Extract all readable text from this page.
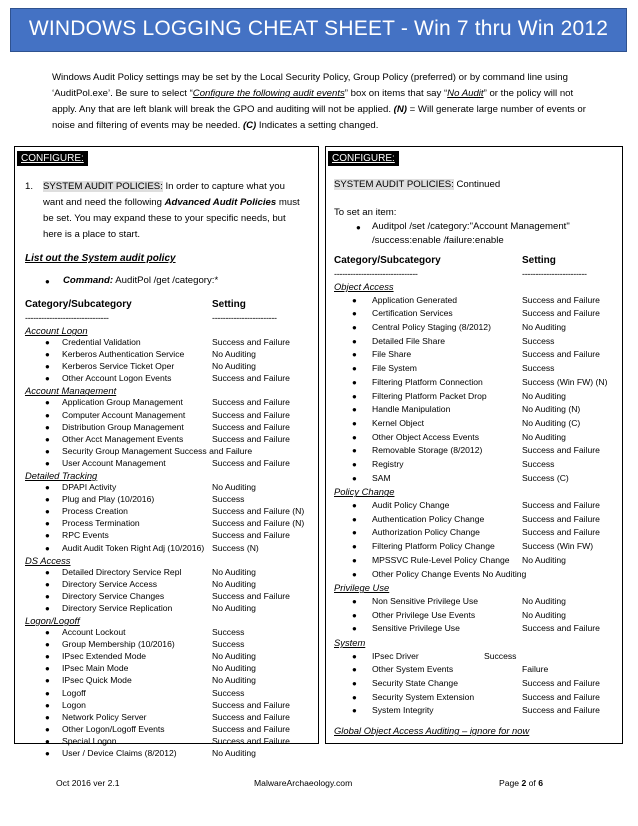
WINDOWS LOGGING CHEAT SHEET - Win 7 thru Win 2012
Windows Audit Policy settings may be set by the Local Security Policy, Group Policy (preferred) or by command line using
‘AuditPol.exe’. Be sure to select “Configure the following audit events” box on items that say “No Audit” or the policy will not
apply. Any that are left blank will break the GPO and auditing will not be applied. (N) = Will generate large number of events or
noise and filtering of events may be needed. (C) Indicates a setting changed.
CONFIGURE:
1. SYSTEM AUDIT POLICIES: In order to capture what you
want and need the following Advanced Audit Policies must
be set. You may expand these to your specific needs, but
here is a place to start.
List out the System audit policy
● Command: AuditPol /get /category:*
Category/Subcategory	Setting
-------------------------------	------------------------
Account Logon
● Credential Validation	Success and Failure
● Kerberos Authentication Service	No Auditing
● Kerberos Service Ticket Oper	No Auditing
● Other Account Logon Events	Success and Failure
Account Management
● Application Group Management	Success and Failure
● Computer Account Management	Success and Failure
● Distribution Group Management	Success and Failure
● Other Acct Management Events	Success and Failure
● Security Group Management Success and Failure
● User Account Management	Success and Failure
Detailed Tracking
● DPAPI Activity	No Auditing
● Plug and Play (10/2016)	Success
● Process Creation	Success and Failure (N)
● Process Termination	Success and Failure (N)
● RPC Events	Success and Failure
● Audit Audit Token Right Adj (10/2016) Success (N)
DS Access
● Detailed Directory Service Repl	No Auditing
● Directory Service Access	No Auditing
● Directory Service Changes	Success and Failure
● Directory Service Replication	No Auditing
Logon/Logoff
● Account Lockout	Success
● Group Membership (10/2016)	Success
● IPsec Extended Mode	No Auditing
● IPsec Main Mode	No Auditing
● IPsec Quick Mode	No Auditing
● Logoff	Success
● Logon	Success and Failure
● Network Policy Server	Success and Failure
● Other Logon/Logoff Events	Success and Failure
● Special Logon	Success and Failure
● User / Device Claims (8/2012)	No Auditing
CONFIGURE:
SYSTEM AUDIT POLICIES: Continued
To set an item:
● Auditpol /set /category:"Account Management"
/success:enable /failure:enable
Category/Subcategory	Setting
-------------------------------	------------------------
Object Access
● Application Generated	Success and Failure
● Certification Services	Success and Failure
● Central Policy Staging (8/2012)	No Auditing
● Detailed File Share	Success
● File Share	Success and Failure
● File System	Success
● Filtering Platform Connection	Success (Win FW) (N)
● Filtering Platform Packet Drop	No Auditing
● Handle Manipulation	No Auditing (N)
● Kernel Object	No Auditing (C)
● Other Object Access Events	No Auditing
● Removable Storage (8/2012)	Success and Failure
● Registry	Success
● SAM	Success (C)
Policy Change
● Audit Policy Change	Success and Failure
● Authentication Policy Change	Success and Failure
● Authorization Policy Change	Success and Failure
● Filtering Platform Policy Change	Success (Win FW)
● MPSSVC Rule-Level Policy Change No Auditing
● Other Policy Change Events No Auditing
Privilege Use
● Non Sensitive Privilege Use	No Auditing
● Other Privilege Use Events	No Auditing
● Sensitive Privilege Use	Success and Failure
System
● IPsec Driver	Success
● Other System Events	Failure
● Security State Change	Success and Failure
● Security System Extension	Success and Failure
● System Integrity	Success and Failure
Global Object Access Auditing – ignore for now
Oct 2016 ver 2.1	MalwareArchaeology.com	Page 2 of 6
